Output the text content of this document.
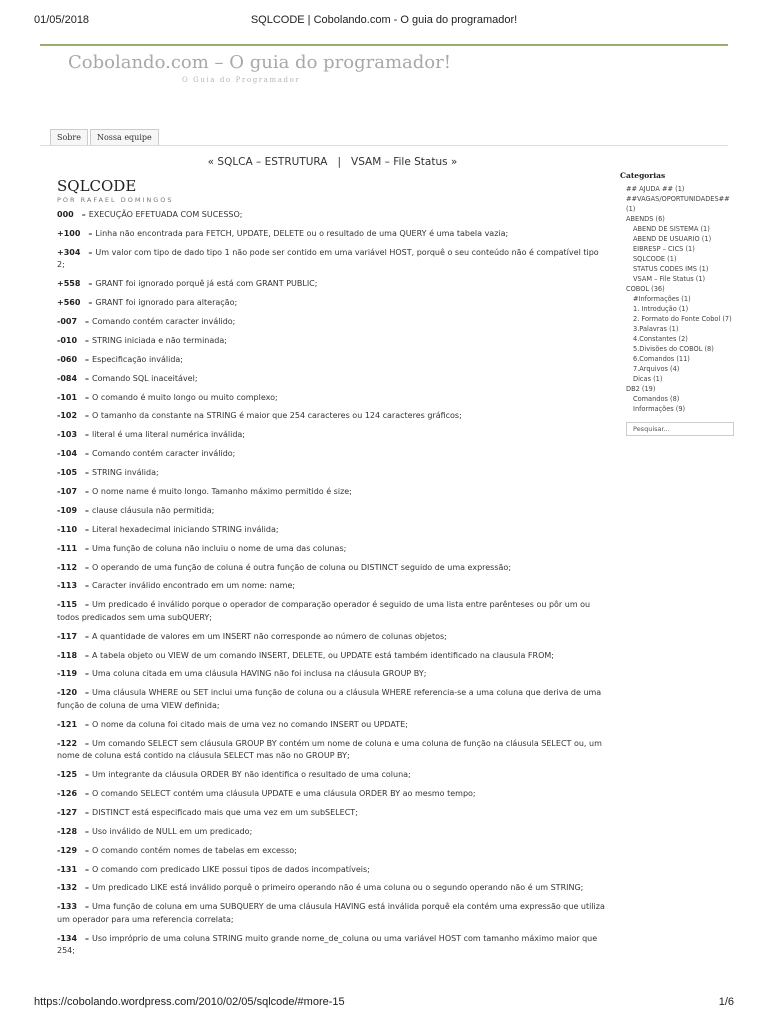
01/05/2018	SQLCODE | Cobolando.com - O guia do programador!
Cobolando.com – O guia do programador!
O Guia do Programador
Sobre	Nossa equipe
« SQLCA – ESTRUTURA | VSAM – File Status »
SQLCODE
POR RAFAEL DOMINGOS
000 – EXECUÇÃO EFETUADA COM SUCESSO;
+100 – Linha não encontrada para FETCH, UPDATE, DELETE ou o resultado de uma QUERY é uma tabela vazia;
+304 – Um valor com tipo de dado tipo 1 não pode ser contido em uma variável HOST, porquê o seu conteúdo não é compatível tipo 2;
+558 – GRANT foi ignorado porquê já está com GRANT PUBLIC;
+560 – GRANT foi ignorado para alteração;
-007 – Comando contém caracter inválido;
-010 – STRING iniciada e não terminada;
-060 – Especificação inválida;
-084 – Comando SQL inaceitável;
-101 – O comando é muito longo ou muito complexo;
-102 – O tamanho da constante na STRING é maior que 254 caracteres ou 124 caracteres gráficos;
-103 – literal é uma literal numérica inválida;
-104 – Comando contém caracter inválido;
-105 – STRING inválida;
-107 – O nome name é muito longo. Tamanho máximo permitido é size;
-109 – clause cláusula não permitida;
-110 – Literal hexadecimal iniciando STRING inválida;
-111 – Uma função de coluna não incluiu o nome de uma das colunas;
-112 – O operando de uma função de coluna é outra função de coluna ou DISTINCT seguido de uma expressão;
-113 – Caracter inválido encontrado em um nome: name;
-115 – Um predicado é inválido porque o operador de comparação operador é seguido de uma lista entre parênteses ou pôr um ou todos predicados sem uma subQUERY;
-117 – A quantidade de valores em um INSERT não corresponde ao número de colunas objetos;
-118 – A tabela objeto ou VIEW de um comando INSERT, DELETE, ou UPDATE está também identificado na clausula FROM;
-119 – Uma coluna citada em uma cláusula HAVING não foi inclusa na cláusula GROUP BY;
-120 – Uma cláusula WHERE ou SET inclui uma função de coluna ou a cláusula WHERE referencia-se a uma coluna que deriva de uma função de coluna de uma VIEW definida;
-121 – O nome da coluna foi citado mais de uma vez no comando INSERT ou UPDATE;
-122 – Um comando SELECT sem cláusula GROUP BY contém um nome de coluna e uma coluna de função na cláusula SELECT ou, um nome de coluna está contido na cláusula SELECT mas não no GROUP BY;
-125 – Um integrante da cláusula ORDER BY não identifica o resultado de uma coluna;
-126 – O comando SELECT contém uma cláusula UPDATE e uma cláusula ORDER BY ao mesmo tempo;
-127 – DISTINCT está especificado mais que uma vez em um subSELECT;
-128 – Uso inválido de NULL em um predicado;
-129 – O comando contém nomes de tabelas em excesso;
-131 – O comando com predicado LIKE possui tipos de dados incompatíveis;
-132 – Um predicado LIKE está inválido porquê o primeiro operando não é uma coluna ou o segundo operando não é um STRING;
-133 – Uma função de coluna em uma SUBQUERY de uma cláusula HAVING está inválida porquê ela contém uma expressão que utiliza um operador para uma referencia correlata;
-134 – Uso impróprio de uma coluna STRING muito grande nome_de_coluna ou uma variável HOST com tamanho máximo maior que 254;
Categorias
## AJUDA ## (1)
##VAGAS/OPORTUNIDADES## (1)
ABENDS (6)
ABEND DE SISTEMA (1)
ABEND DE USUARIO (1)
EIBRESP – CICS (1)
SQLCODE (1)
STATUS CODES IMS (1)
VSAM – File Status (1)
COBOL (36)
#Informações (1)
1. Introdução (1)
2. Formato do Fonte Cobol (7)
3.Palavras (1)
4.Constantes (2)
5.Divisões do COBOL (8)
6.Comandos (11)
7.Arquivos (4)
Dicas (1)
DB2 (19)
Comandos (8)
Informações (9)
Pesquisar...
https://cobolando.wordpress.com/2010/02/05/sqlcode/#more-15	1/6
